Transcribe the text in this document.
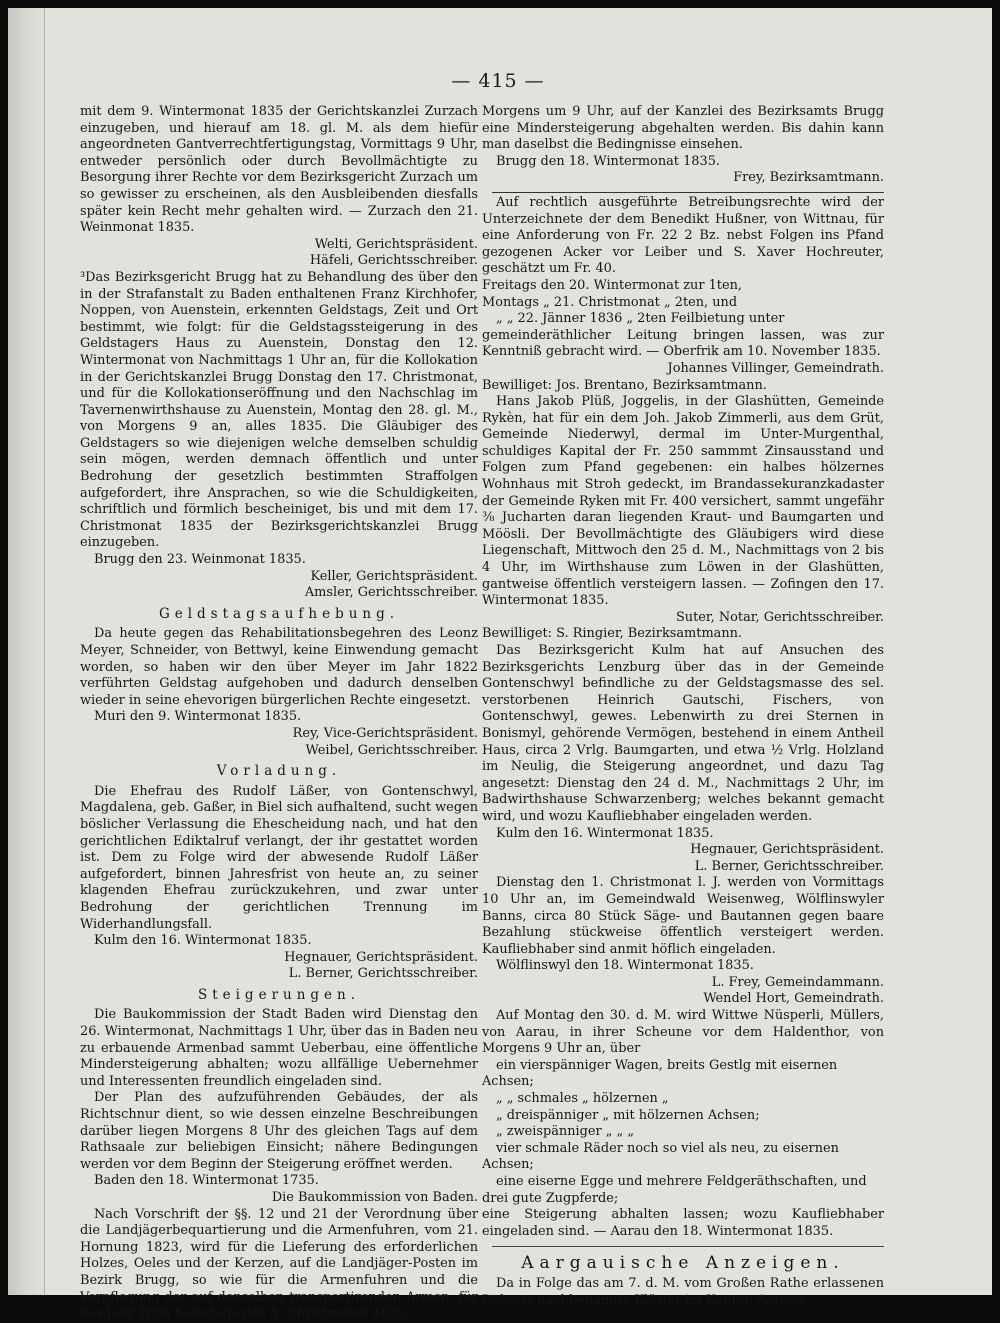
— 415 —

mit dem 9. Wintermonat 1835 der Gerichtskanzlei Zurzach einzugeben, und hierauf am 18. gl. M. als dem hiefür angeordneten Gantverrechtfertigungstag, Vormittags 9 Uhr, entweder persönlich oder durch Bevollmächtigte zu Besorgung ihrer Rechte vor dem Bezirksgericht Zurzach um so gewisser zu erscheinen, als den Ausbleibenden diesfalls später kein Recht mehr gehalten wird. — Zurzach den 21. Weinmonat 1835.

Welti, Gerichtspräsident.

Häfeli, Gerichtsschreiber.

³Das Bezirksgericht Brugg hat zu Behandlung des über den in der Strafanstalt zu Baden enthaltenen Franz Kirchhofer, Noppen, von Auenstein, erkennten Geldstags, Zeit und Ort bestimmt, wie folgt: für die Geldstagssteigerung in des Geldstagers Haus zu Auenstein, Donstag den 12. Wintermonat von Nachmittags 1 Uhr an, für die Kollokation in der Gerichtskanzlei Brugg Donstag den 17. Christmonat, und für die Kollokationseröffnung und den Nachschlag im Tavernenwirthshause zu Auenstein, Montag den 28. gl. M., von Morgens 9 an, alles 1835. Die Gläubiger des Geldstagers so wie diejenigen welche demselben schuldig sein mögen, werden demnach öffentlich und unter Bedrohung der gesetzlich bestimmten Straffolgen aufgefordert, ihre Ansprachen, so wie die Schuldigkeiten, schriftlich und förmlich bescheiniget, bis und mit dem 17. Christmonat 1835 der Bezirksgerichtskanzlei Brugg einzugeben.

Brugg den 23. Weinmonat 1835.

Keller, Gerichtspräsident.

Amsler, Gerichtsschreiber.

Geldstagsaufhebung.

Da heute gegen das Rehabilitationsbegehren des Leonz Meyer, Schneider, von Bettwyl, keine Einwendung gemacht worden, so haben wir den über Meyer im Jahr 1822 verführten Geldstag aufgehoben und dadurch denselben wieder in seine ehevorigen bürgerlichen Rechte eingesetzt.

Muri den 9. Wintermonat 1835.

Rey, Vice-Gerichtspräsident.

Weibel, Gerichtsschreiber.

Vorladung.

Die Ehefrau des Rudolf Läßer, von Gontenschwyl, Magdalena, geb. Gaßer, in Biel sich aufhaltend, sucht wegen böslicher Verlassung die Ehescheidung nach, und hat den gerichtlichen Ediktalruf verlangt, der ihr gestattet worden ist. Dem zu Folge wird der abwesende Rudolf Läßer aufgefordert, binnen Jahresfrist von heute an, zu seiner klagenden Ehefrau zurückzukehren, und zwar unter Bedrohung der gerichtlichen Trennung im Widerhandlungsfall.

Kulm den 16. Wintermonat 1835.

Hegnauer, Gerichtspräsident.

L. Berner, Gerichtsschreiber.

Steigerungen.

Die Baukommission der Stadt Baden wird Dienstag den 26. Wintermonat, Nachmittags 1 Uhr, über das in Baden neu zu erbauende Armenbad sammt Ueberbau, eine öffentliche Mindersteigerung abhalten; wozu allfällige Uebernehmer und Interessenten freundlich eingeladen sind.

Der Plan des aufzuführenden Gebäudes, der als Richtschnur dient, so wie dessen einzelne Beschreibungen darüber liegen Morgens 8 Uhr des gleichen Tags auf dem Rathsaale zur beliebigen Einsicht; nähere Bedingungen werden vor dem Beginn der Steigerung eröffnet werden.

Baden den 18. Wintermonat 1735.

Die Baukommission von Baden.

Nach Vorschrift der §§. 12 und 21 der Verordnung über die Landjägerbequartierung und die Armenfuhren, vom 21. Hornung 1823, wird für die Lieferung des erforderlichen Holzes, Oeles und der Kerzen, auf die Landjäger-Posten im Bezirk Brugg, so wie für die Armenfuhren und die Verpflegung der auf denselben transportirenden Armen, für das Jahr 1836 Samstags den 5. Christmonat 1835,

Morgens um 9 Uhr, auf der Kanzlei des Bezirksamts Brugg eine Mindersteigerung abgehalten werden. Bis dahin kann man daselbst die Bedingnisse einsehen.

Brugg den 18. Wintermonat 1835.

Frey, Bezirksamtmann.

Auf rechtlich ausgeführte Betreibungsrechte wird der Unterzeichnete der dem Benedikt Hußner, von Wittnau, für eine Anforderung von Fr. 22 2 Bz. nebst Folgen ins Pfand gezogenen Acker vor Leiber und S. Xaver Hochreuter, geschätzt um Fr. 40.

Freitags den 20. Wintermonat zur 1ten,

Montags „ 21. Christmonat „ 2ten, und

„ „ 22. Jänner 1836 „ 2ten Feilbietung unter

gemeinderäthlicher Leitung bringen lassen, was zur Kenntniß gebracht wird. — Oberfrik am 10. November 1835.

Johannes Villinger, Gemeindrath.

Bewilliget: Jos. Brentano, Bezirksamtmann.

Hans Jakob Plüß, Joggelis, in der Glashütten, Gemeinde Rykèn, hat für ein dem Joh. Jakob Zimmerli, aus dem Grüt, Gemeinde Niederwyl, dermal im Unter-Murgenthal, schuldiges Kapital der Fr. 250 sammmt Zinsausstand und Folgen zum Pfand gegebenen: ein halbes hölzernes Wohnhaus mit Stroh gedeckt, im Brandassekuranzkadaster der Gemeinde Ryken mit Fr. 400 versichert, sammt ungefähr ⅜ Jucharten daran liegenden Kraut- und Baumgarten und Möösli. Der Bevollmächtigte des Gläubigers wird diese Liegenschaft, Mittwoch den 25 d. M., Nachmittags von 2 bis 4 Uhr, im Wirthshause zum Löwen in der Glashütten, gantweise öffentlich versteigern lassen. — Zofingen den 17. Wintermonat 1835.

Suter, Notar, Gerichtsschreiber.

Bewilliget: S. Ringier, Bezirksamtmann.

Das Bezirksgericht Kulm hat auf Ansuchen des Bezirksgerichts Lenzburg über das in der Gemeinde Gontenschwyl befindliche zu der Geldstagsmasse des sel. verstorbenen Heinrich Gautschi, Fischers, von Gontenschwyl, gewes. Lebenwirth zu drei Sternen in Bonismyl, gehörende Vermögen, bestehend in einem Antheil Haus, circa 2 Vrlg. Baumgarten, und etwa ½ Vrlg. Holzland im Neulig, die Steigerung angeordnet, und dazu Tag angesetzt: Dienstag den 24 d. M., Nachmittags 2 Uhr, im Badwirthshause Schwarzenberg; welches bekannt gemacht wird, und wozu Kaufliebhaber eingeladen werden.

Kulm den 16. Wintermonat 1835.

Hegnauer, Gerichtspräsident.

L. Berner, Gerichtsschreiber.

Dienstag den 1. Christmonat l. J. werden von Vormittags 10 Uhr an, im Gemeindwald Weisenweg, Wölflinswyler Banns, circa 80 Stück Säge- und Bautannen gegen baare Bezahlung stückweise öffentlich versteigert werden. Kaufliebhaber sind anmit höflich eingeladen.

Wölflinswyl den 18. Wintermonat 1835.

L. Frey, Gemeindammann.

Wendel Hort, Gemeindrath.

Auf Montag den 30. d. M. wird Wittwe Nüsperli, Müllers, von Aarau, in ihrer Scheune vor dem Haldenthor, von Morgens 9 Uhr an, über

ein vierspänniger Wagen, breits Gestlg mit eisernen Achsen;

„ „ schmales „ hölzernen „

„ dreispänniger „ mit hölzernen Achsen;

„ zweispänniger „ „ „

vier schmale Räder noch so viel als neu, zu eisernen Achsen;

eine eiserne Egge und mehrere Feldgeräthschaften, und drei gute Zugpferde;

eine Steigerung abhalten lassen; wozu Kaufliebhaber eingeladen sind. — Aarau den 18. Wintermonat 1835.

Aargauische Anzeigen.

Da in Folge das am 7. d. M. vom Großen Rathe erlassenen Dekrets nachbenannte Klöster im Kanton Aargau
